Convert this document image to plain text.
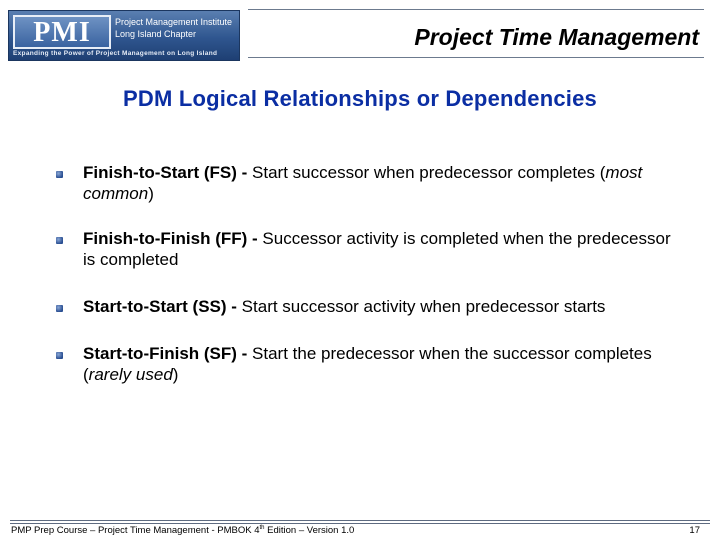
PMI	Project Management Institute
Long Island Chapter
Expanding the Power of Project Management on Long Island
Project Time Management
PDM Logical Relationships or Dependencies
Finish-to-Start (FS) - Start successor when predecessor completes (most common)
Finish-to-Finish (FF) - Successor activity is completed when the predecessor is completed
Start-to-Start (SS) - Start successor activity when predecessor starts
Start-to-Finish (SF) - Start the predecessor when the successor completes (rarely used)
PMP Prep Course – Project Time Management - PMBOK 4th Edition – Version 1.0	17
